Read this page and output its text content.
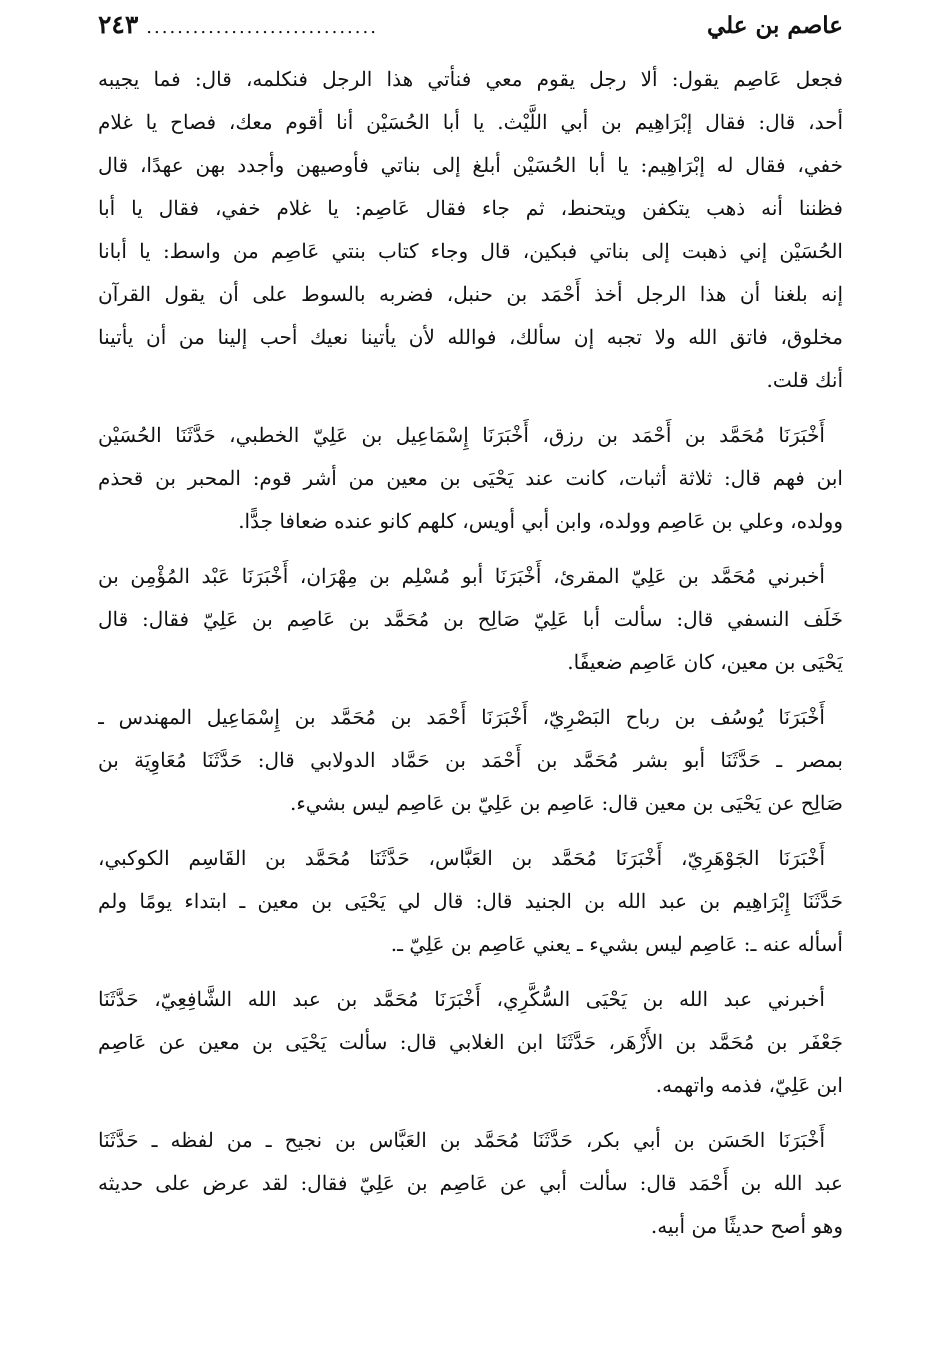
عاصم بن علي
..............................
٢٤٣
فجعل عَاصِم يقول: ألا رجل يقوم معي فنأتي هذا الرجل فنكلمه، قال: فما يجيبه
أحد، قال: فقال إبْرَاهِيم بن أبي اللَّيْث. يا أبا الحُسَيْن أنا أقوم معك، فصاح يا غلام
خفي، فقال له إبْرَاهِيم: يا أبا الحُسَيْن أبلغ إلى بناتي فأوصيهن وأجدد بهن عهدًا، قال
فظننا أنه ذهب يتكفن ويتحنط، ثم جاء فقال عَاصِم: يا غلام خفي، فقال يا أبا
الحُسَيْن إني ذهبت إلى بناتي فبكين، قال وجاء كتاب بنتي عَاصِم من واسط: يا أبانا
إنه بلغنا أن هذا الرجل أخذ أَحْمَد بن حنبل، فضربه بالسوط على أن يقول القرآن
مخلوق، فاتق الله ولا تجبه إن سألك، فوالله لأن يأتينا نعيك أحب إلينا من أن يأتينا
أنك قلت.
أَخْبَرَنَا مُحَمَّد بن أَحْمَد بن رزق، أَخْبَرَنَا إِسْمَاعِيل بن عَلِيّ الخطبي، حَدَّثَنَا الحُسَيْن
ابن فهم قال: ثلاثة أثبات، كانت عند يَحْيَى بن معين من أشر قوم: المحبر بن قحذم
وولده، وعلي بن عَاصِم وولده، وابن أبي أويس، كلهم كانو عنده ضعافا جدًّا.
أخبرني مُحَمَّد بن عَلِيّ المقرئ، أَخْبَرَنَا أبو مُسْلِم بن مِهْرَان، أَخْبَرَنَا عَبْد المُؤْمِن بن
خَلَف النسفي قال: سألت أبا عَلِيّ صَالِح بن مُحَمَّد بن عَاصِم بن عَلِيّ فقال: قال
يَحْيَى بن معين، كان عَاصِم ضعيفًا.
أَخْبَرَنَا يُوسُف بن رباح البَصْرِيّ، أَخْبَرَنَا أَحْمَد بن مُحَمَّد بن إِسْمَاعِيل المهندس ـ
بمصر ـ حَدَّثَنَا أبو بشر مُحَمَّد بن أَحْمَد بن حَمَّاد الدولابي قال: حَدَّثَنَا مُعَاوِيَة بن
صَالِح عن يَحْيَى بن معين قال: عَاصِم بن عَلِيّ بن عَاصِم ليس بشيء.
أَخْبَرَنَا الجَوْهَرِيّ، أَخْبَرَنَا مُحَمَّد بن العَبَّاس، حَدَّثَنَا مُحَمَّد بن القَاسِم الكوكبي،
حَدَّثَنَا إِبْرَاهِيم بن عبد الله بن الجنيد قال: قال لي يَحْيَى بن معين ـ ابتداء يومًا ولم
أسأله عنه ـ: عَاصِم ليس بشيء ـ يعني عَاصِم بن عَلِيّ ـ.
أخبرني عبد الله بن يَحْيَى السُّكَّرِي، أَخْبَرَنَا مُحَمَّد بن عبد الله الشَّافِعِيّ، حَدَّثَنَا
جَعْفَر بن مُحَمَّد بن الأَزْهَر، حَدَّثَنَا ابن الغلابي قال: سألت يَحْيَى بن معين عن عَاصِم
ابن عَلِيّ، فذمه واتهمه.
أَخْبَرَنَا الحَسَن بن أبي بكر، حَدَّثَنَا مُحَمَّد بن العَبَّاس بن نجيح ـ من لفظه ـ حَدَّثَنَا
عبد الله بن أَحْمَد قال: سألت أبي عن عَاصِم بن عَلِيّ فقال: لقد عرض على حديثه
وهو أصح حديثًا من أبيه.
